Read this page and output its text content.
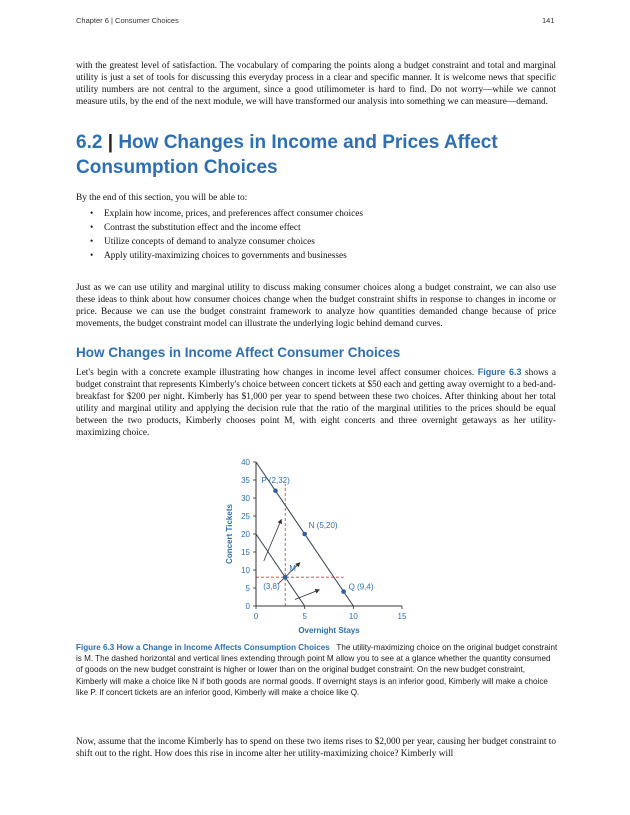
Chapter 6 | Consumer Choices	141
with the greatest level of satisfaction. The vocabulary of comparing the points along a budget constraint and total and marginal utility is just a set of tools for discussing this everyday process in a clear and specific manner. It is welcome news that specific utility numbers are not central to the argument, since a good utilimometer is hard to find. Do not worry—while we cannot measure utils, by the end of the next module, we will have transformed our analysis into something we can measure—demand.
6.2 | How Changes in Income and Prices Affect Consumption Choices
By the end of this section, you will be able to:
• Explain how income, prices, and preferences affect consumer choices
• Contrast the substitution effect and the income effect
• Utilize concepts of demand to analyze consumer choices
• Apply utility-maximizing choices to governments and businesses
Just as we can use utility and marginal utility to discuss making consumer choices along a budget constraint, we can also use these ideas to think about how consumer choices change when the budget constraint shifts in response to changes in income or price. Because we can use the budget constraint framework to analyze how quantities demanded change because of price movements, the budget constraint model can illustrate the underlying logic behind demand curves.
How Changes in Income Affect Consumer Choices
Let's begin with a concrete example illustrating how changes in income level affect consumer choices. Figure 6.3 shows a budget constraint that represents Kimberly's choice between concert tickets at $50 each and getting away overnight to a bed-and-breakfast for $200 per night. Kimberly has $1,000 per year to spend between these two choices. After thinking about her total utility and marginal utility and applying the decision rule that the ratio of the marginal utilities to the prices should be equal between the two products, Kimberly chooses point M, with eight concerts and three overnight getaways as her utility-maximizing choice.
0
5
10
15
20
25
30
35
40
0	5	10	15
Overnight Stays
Concert Tickets
M
(3,8)
P (2,32)
N (5,20)
Q (9,4)
Figure 6.3 How a Change in Income Affects Consumption Choices The utility-maximizing choice on the original budget constraint is M. The dashed horizontal and vertical lines extending through point M allow you to see at a glance whether the quantity consumed of goods on the new budget constraint is higher or lower than on the original budget constraint. On the new budget constraint, Kimberly will make a choice like N if both goods are normal goods. If overnight stays is an inferior good, Kimberly will make a choice like P. If concert tickets are an inferior good, Kimberly will make a choice like Q.
Now, assume that the income Kimberly has to spend on these two items rises to $2,000 per year, causing her budget constraint to shift out to the right. How does this rise in income alter her utility-maximizing choice? Kimberly will
